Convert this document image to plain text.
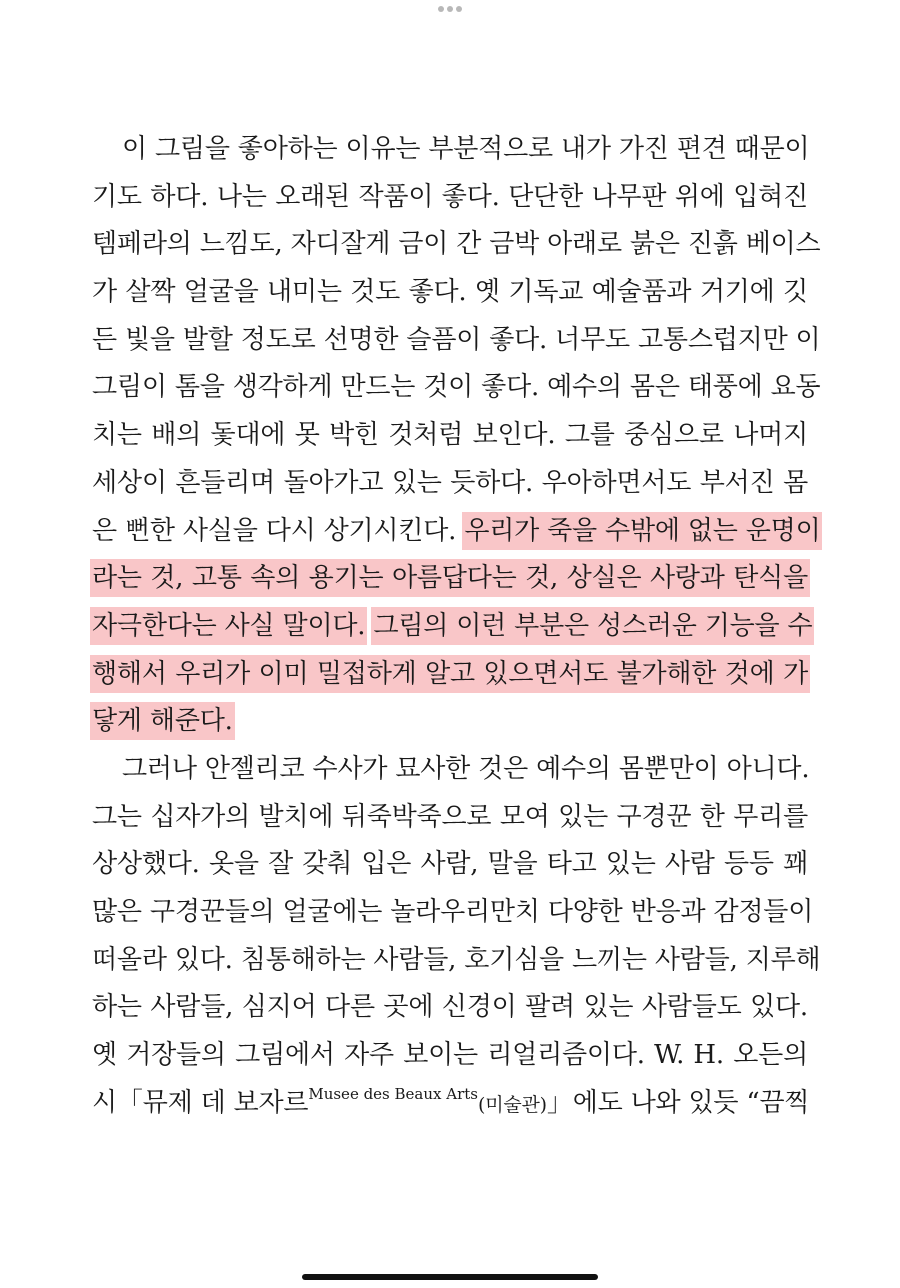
이 그림을 좋아하는 이유는 부분적으로 내가 가진 편견 때문이
기도 하다. 나는 오래된 작품이 좋다. 단단한 나무판 위에 입혀진
템페라의 느낌도, 자디잘게 금이 간 금박 아래로 붉은 진흙 베이스
가 살짝 얼굴을 내미는 것도 좋다. 옛 기독교 예술품과 거기에 깃
든 빛을 발할 정도로 선명한 슬픔이 좋다. 너무도 고통스럽지만 이
그림이 톰을 생각하게 만드는 것이 좋다. 예수의 몸은 태풍에 요동
치는 배의 돛대에 못 박힌 것처럼 보인다. 그를 중심으로 나머지
세상이 흔들리며 돌아가고 있는 듯하다. 우아하면서도 부서진 몸
은 뻔한 사실을 다시 상기시킨다. 우리가 죽을 수밖에 없는 운명이
라는 것, 고통 속의 용기는 아름답다는 것, 상실은 사랑과 탄식을
자극한다는 사실 말이다. 그림의 이런 부분은 성스러운 기능을 수
행해서 우리가 이미 밀접하게 알고 있으면서도 불가해한 것에 가
닿게 해준다.
그러나 안젤리코 수사가 묘사한 것은 예수의 몸뿐만이 아니다.
그는 십자가의 발치에 뒤죽박죽으로 모여 있는 구경꾼 한 무리를
상상했다. 옷을 잘 갖춰 입은 사람, 말을 타고 있는 사람 등등 꽤
많은 구경꾼들의 얼굴에는 놀라우리만치 다양한 반응과 감정들이
떠올라 있다. 침통해하는 사람들, 호기심을 느끼는 사람들, 지루해
하는 사람들, 심지어 다른 곳에 신경이 팔려 있는 사람들도 있다.
옛 거장들의 그림에서 자주 보이는 리얼리즘이다. W. H. 오든의
시「뮤제 데 보자르$^{Musee des Beaux Arts}$(미술관)」에도 나와 있듯 “끔찍
